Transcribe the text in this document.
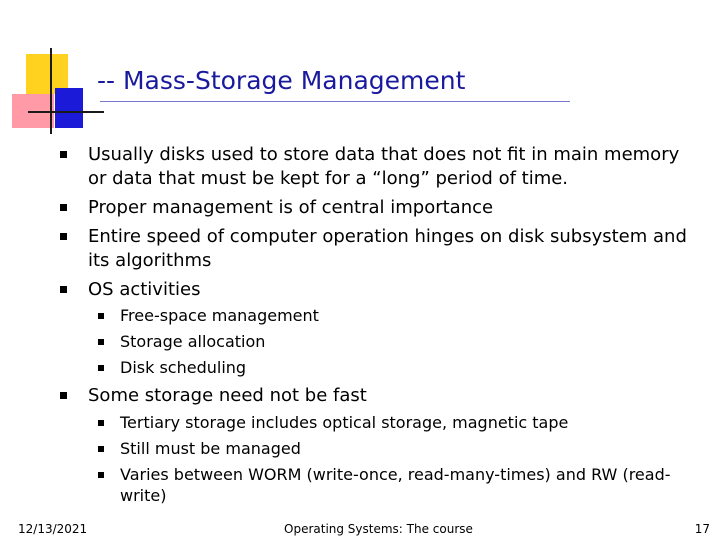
-- Mass-Storage Management
Usually disks used to store data that does not fit in main memory
or data that must be kept for a “long” period of time.
Proper management is of central importance
Entire speed of computer operation hinges on disk subsystem and
its algorithms
OS activities
Free-space management
Storage allocation
Disk scheduling
Some storage need not be fast
Tertiary storage includes optical storage, magnetic tape
Still must be managed
Varies between WORM (write-once, read-many-times) and RW (read-
write)
12/13/2021	Operating Systems: The course	17
